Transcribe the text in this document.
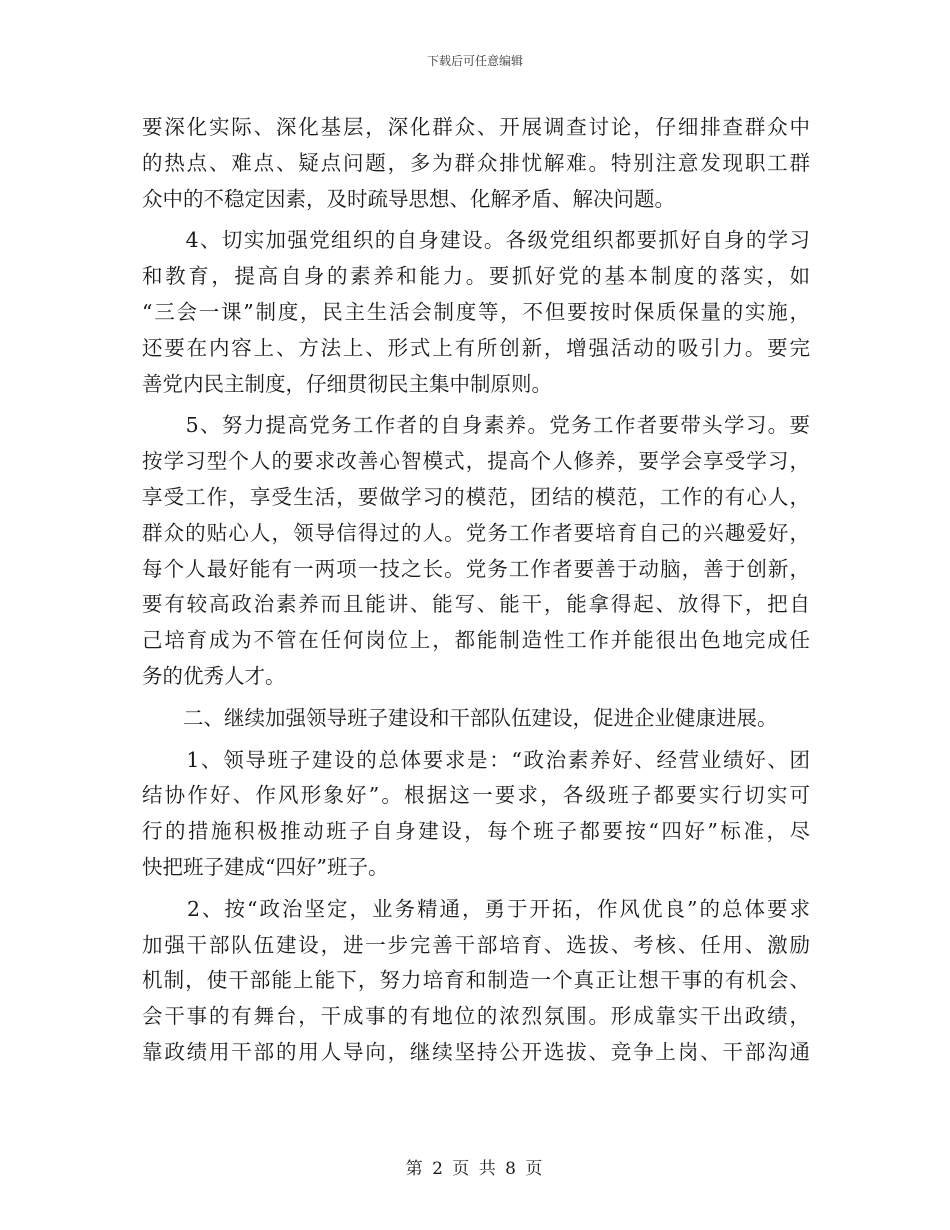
下载后可任意编辑
要深化实际、深化基层，深化群众、开展调查讨论，仔细排查群众中
的热点、难点、疑点问题，多为群众排忧解难。特别注意发现职工群
众中的不稳定因素，及时疏导思想、化解矛盾、解决问题。
　　4、切实加强党组织的自身建设。各级党组织都要抓好自身的学习
和教育，提高自身的素养和能力。要抓好党的基本制度的落实，如
“三会一课”制度，民主生活会制度等，不但要按时保质保量的实施，
还要在内容上、方法上、形式上有所创新，增强活动的吸引力。要完
善党内民主制度，仔细贯彻民主集中制原则。
　　5、努力提高党务工作者的自身素养。党务工作者要带头学习。要
按学习型个人的要求改善心智模式，提高个人修养，要学会享受学习，
享受工作，享受生活，要做学习的模范，团结的模范，工作的有心人，
群众的贴心人，领导信得过的人。党务工作者要培育自己的兴趣爱好，
每个人最好能有一两项一技之长。党务工作者要善于动脑，善于创新，
要有较高政治素养而且能讲、能写、能干，能拿得起、放得下，把自
己培育成为不管在任何岗位上，都能制造性工作并能很出色地完成任
务的优秀人才。
　　二、继续加强领导班子建设和干部队伍建设，促进企业健康进展。
　　1、领导班子建设的总体要求是：“政治素养好、经营业绩好、团
结协作好、作风形象好”。根据这一要求，各级班子都要实行切实可
行的措施积极推动班子自身建设，每个班子都要按“四好”标准，尽
快把班子建成“四好”班子。
　　2、按“政治坚定，业务精通，勇于开拓，作风优良”的总体要求
加强干部队伍建设，进一步完善干部培育、选拔、考核、任用、激励
机制，使干部能上能下，努力培育和制造一个真正让想干事的有机会、
会干事的有舞台，干成事的有地位的浓烈氛围。形成靠实干出政绩，
靠政绩用干部的用人导向，继续坚持公开选拔、竞争上岗、干部沟通
第 2 页 共 8 页
